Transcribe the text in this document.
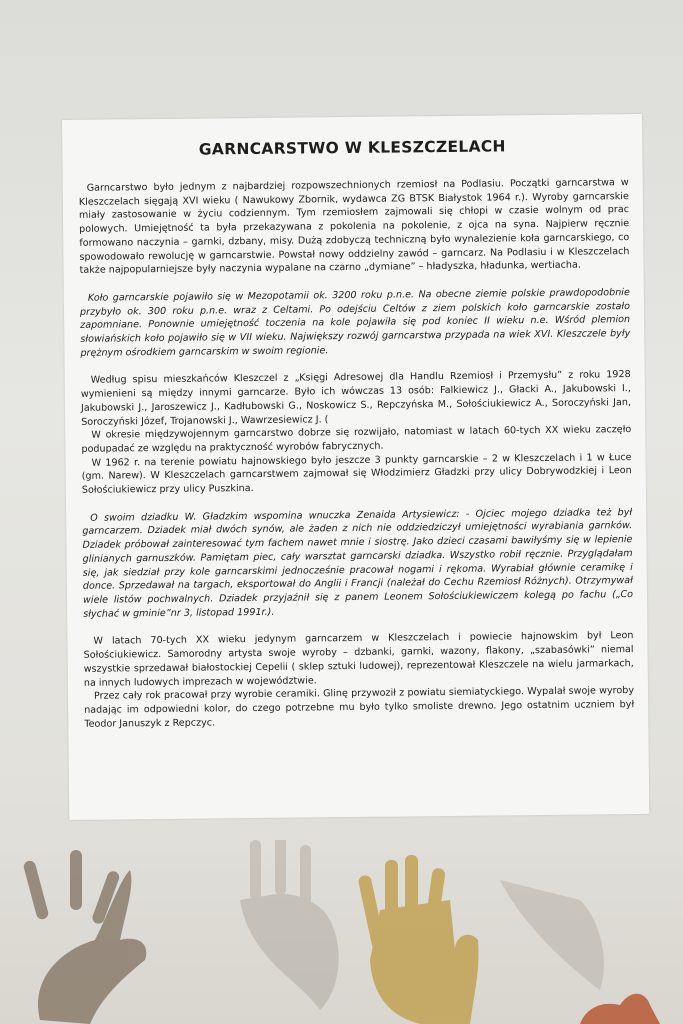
GARNCARSTWO W KLESZCZELACH

Garncarstwo było jednym z najbardziej rozpowszechnionych rzemiosł na Podlasiu. Początki garncarstwa w Kleszczelach sięgają XVI wieku ( Nawukowy Zbornik, wydawca ZG BTSK Białystok 1964 r.). Wyroby garncarskie miały zastosowanie w życiu codziennym. Tym rzemiosłem zajmowali się chłopi w czasie wolnym od prac polowych. Umiejętność ta była przekazywana z pokolenia na pokolenie, z ojca na syna. Najpierw ręcznie formowano naczynia – garnki, dzbany, misy. Dużą zdobyczą techniczną było wynalezienie koła garncarskiego, co spowodowało rewolucję w garncarstwie. Powstał nowy oddzielny zawód – garncarz. Na Podlasiu i w Kleszczelach także najpopularniejsze były naczynia wypalane na czarno „dymiane” – hładyszka, hładunka, wertiacha.

Koło garncarskie pojawiło się w Mezopotamii ok. 3200 roku p.n.e. Na obecne ziemie polskie prawdopodobnie przybyło ok. 300 roku p.n.e. wraz z Celtami. Po odejściu Celtów z ziem polskich koło garncarskie zostało zapomniane. Ponownie umiejętność toczenia na kole pojawiła się pod koniec II wieku n.e. Wśród plemion słowiańskich koło pojawiło się w VII wieku. Największy rozwój garncarstwa przypada na wiek XVI. Kleszczele były prężnym ośrodkiem garncarskim w swoim regionie.

Według spisu mieszkańców Kleszczel z „Księgi Adresowej dla Handlu Rzemiosł i Przemysłu” z roku 1928 wymienieni są między innymi garncarze. Było ich wówczas 13 osób: Falkiewicz J., Głacki A., Jakubowski I., Jakubowski J., Jaroszewicz J., Kadłubowski G., Noskowicz S., Repczyńska M., Sołościukiewicz A., Soroczyński Jan, Soroczyński Józef, Trojanowski J., Wawrzesiewicz J. (

W okresie międzywojennym garncarstwo dobrze się rozwijało, natomiast w latach 60-tych XX wieku zaczęło podupadać ze względu na praktyczność wyrobów fabrycznych.

W 1962 r. na terenie powiatu hajnowskiego było jeszcze 3 punkty garncarskie – 2 w Kleszczelach i 1 w Łuce (gm. Narew). W Kleszczelach garncarstwem zajmował się Włodzimierz Gładzki przy ulicy Dobrywodzkiej i Leon Sołościukiewicz przy ulicy Puszkina.

O swoim dziadku W. Gładzkim wspomina wnuczka Zenaida Artysiewicz: - Ojciec mojego dziadka też był garncarzem. Dziadek miał dwóch synów, ale żaden z nich nie oddziedziczył umiejętności wyrabiania garnków. Dziadek próbował zainteresować tym fachem nawet mnie i siostrę. Jako dzieci czasami bawiłyśmy się w lepienie glinianych garnuszków. Pamiętam piec, cały warsztat garncarski dziadka. Wszystko robił ręcznie. Przyglądałam się, jak siedział przy kole garncarskimi jednocześnie pracował nogami i rękoma. Wyrabiał głównie ceramikę i donce. Sprzedawał na targach, eksportował do Anglii i Francji (należał do Cechu Rzemiosł Różnych). Otrzymywał wiele listów pochwalnych. Dziadek przyjaźnił się z panem Leonem Sołościukiewiczem kolegą po fachu („Co słychać w gminie”nr 3, listopad 1991r.).

W latach 70-tych XX wieku jedynym garncarzem w Kleszczelach i powiecie hajnowskim był Leon Sołościukiewicz. Samorodny artysta swoje wyroby – dzbanki, garnki, wazony, flakony, „szabasówki” niemal wszystkie sprzedawał białostockiej Cepelii ( sklep sztuki ludowej), reprezentował Kleszczele na wielu jarmarkach, na innych ludowych imprezach w województwie.

Przez cały rok pracował przy wyrobie ceramiki. Glinę przywoził z powiatu siemiatyckiego. Wypalał swoje wyroby nadając im odpowiedni kolor, do czego potrzebne mu było tylko smoliste drewno. Jego ostatnim uczniem był Teodor Januszyk z Repczyc.
